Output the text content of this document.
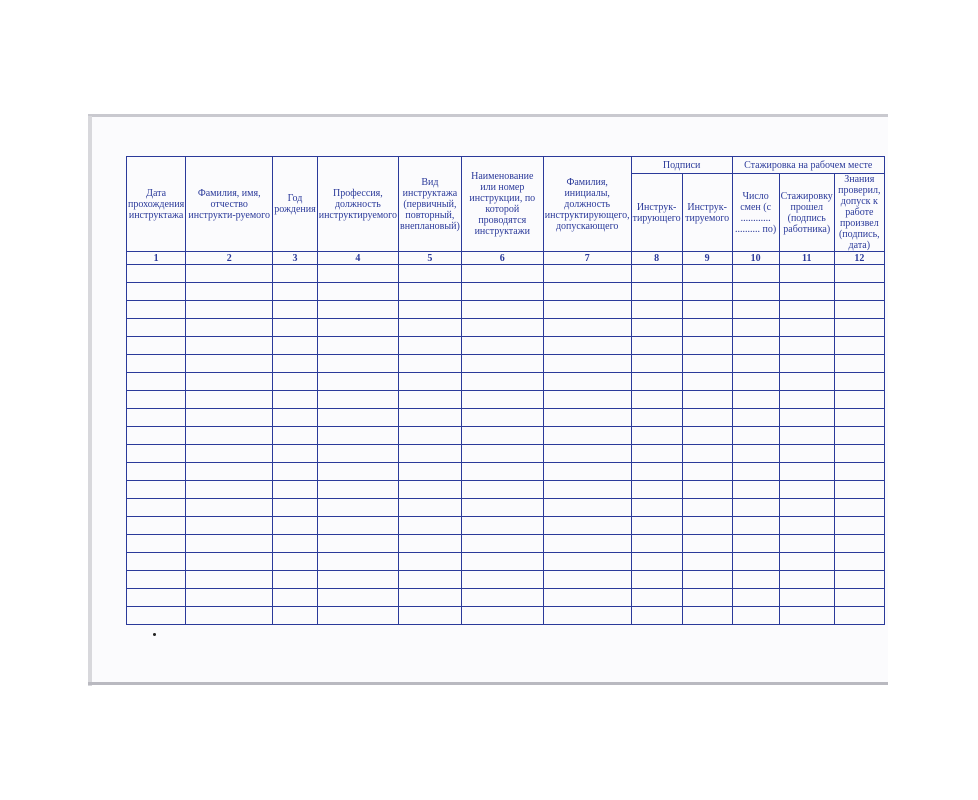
Дата прохождения инструктажа	Фамилия, имя, отчество инструкти-руемого	Год рождения	Профессия, должность инструктируемого	Вид инструктажа (первичный, повторный, внеплановый)	Наименование или номер инструкции, по которой проводятся инструктажи	Фамилия, инициалы, должность инструктирующего, допускающего	Подписи		Стажировка на рабочем месте		
							Инструк-тирующего	Инструк-тируемого	Число смен (с ............ .......... по)	Стажировку прошел (подпись работника)	Знания проверил, допуск к работе произвел (подпись, дата)
1	2	3	4	5	6	7	8	9	10	11	12
